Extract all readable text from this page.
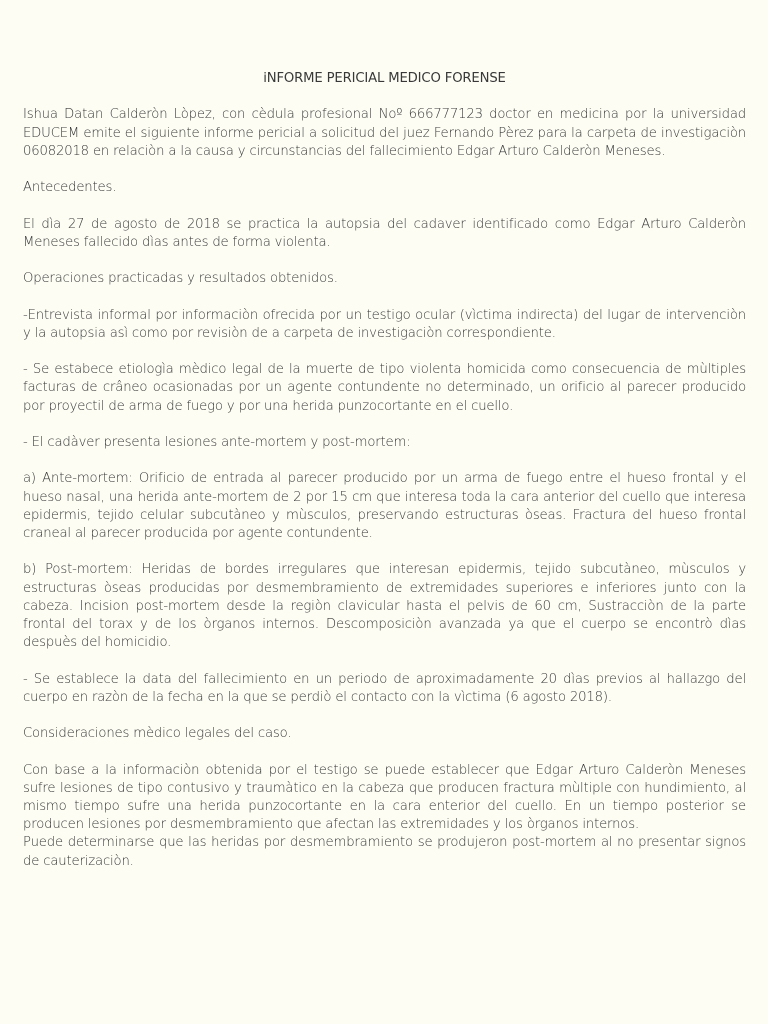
iNFORME PERICIAL MEDICO FORENSE

Ishua Datan Calderòn Lòpez, con cèdula profesional Noº 666777123 doctor en medicina por la universidad EDUCEM emite el siguiente informe pericial a solicitud del juez Fernando Pèrez para la carpeta de investigaciòn 06082018 en relaciòn a la causa y circunstancias del fallecimiento Edgar Arturo Calderòn Meneses.

Antecedentes.

El dìa 27 de agosto de 2018 se practica la autopsia del cadaver identificado como Edgar Arturo Calderòn Meneses fallecido dìas antes de forma violenta.

Operaciones practicadas y resultados obtenidos.

-Entrevista informal por informaciòn ofrecida por un testigo ocular (vìctima indirecta) del lugar de intervenciòn y la autopsia asì como por revisiòn de a carpeta de investigaciòn correspondiente.

- Se estabece etiologìa mèdico legal de la muerte de tipo violenta homicida como consecuencia de mùltiples facturas de crâneo ocasionadas por un agente contundente no determinado, un orificio al parecer producido por proyectil de arma de fuego y por una herida punzocortante en el cuello.

- El cadàver presenta lesiones ante-mortem y post-mortem:

a) Ante-mortem: Orificio de entrada al parecer producido por un arma de fuego entre el hueso frontal y el hueso nasal, una herida ante-mortem de 2 por 15 cm que interesa toda la cara anterior del cuello que interesa epidermis, tejido celular subcutàneo y mùsculos, preservando estructuras òseas. Fractura del hueso frontal craneal al parecer producida por agente contundente.

b) Post-mortem: Heridas de bordes irregulares que interesan epidermis, tejido subcutàneo, mùsculos y estructuras òseas producidas por desmembramiento de extremidades superiores e inferiores junto con la cabeza. Incision post-mortem desde la regiòn clavicular hasta el pelvis de 60 cm, Sustracciòn de la parte frontal del torax y de los òrganos internos. Descomposiciòn avanzada ya que el cuerpo se encontrò dìas despuès del homicidio.

- Se establece la data del fallecimiento en un periodo de aproximadamente 20 dìas previos al hallazgo del cuerpo en razòn de la fecha en la que se perdiò el contacto con la vìctima (6 agosto 2018).

Consideraciones mèdico legales del caso.

Con base a la informaciòn obtenida por el testigo se puede establecer que Edgar Arturo Calderòn Meneses sufre lesiones de tipo contusivo y traumàtico en la cabeza que producen fractura mùltiple con hundimiento, al mismo tiempo sufre una herida punzocortante en la cara enterior del cuello. En un tiempo posterior se producen lesiones por desmembramiento que afectan las extremidades y los òrganos internos.

Puede determinarse que las heridas por desmembramiento se produjeron post-mortem al no presentar signos de cauterizaciòn.
